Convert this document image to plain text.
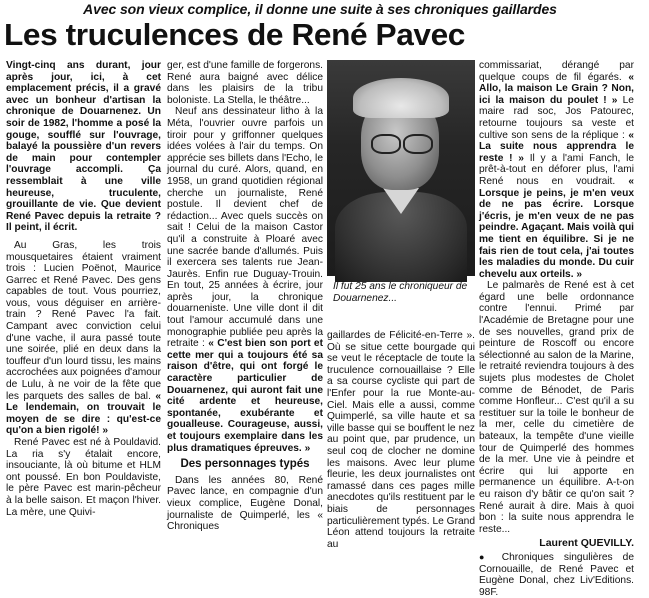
Avec son vieux complice, il donne une suite à ses chroniques gaillardes
Les truculences de René Pavec

Vingt-cinq ans durant, jour après jour, ici, à cet emplacement précis, il a gravé avec un bonheur d'artisan la chronique de Douarnenez. Un soir de 1982, l'homme a posé la gouge, soufflé sur l'ouvrage, balayé la poussière d'un revers de main pour contempler l'ouvrage accompli. Ça ressemblait à une ville heureuse, truculente, grouillante de vie. Que devient René Pavec depuis la retraite ? Il peint, il écrit.

Au Gras, les trois mousquetaires étaient vraiment trois : Lucien Poënot, Maurice Garrec et René Pavec. Des gens capables de tout. Vous pourriez, vous, vous déguiser en arrière-train ? René Pavec l'a fait. Campant avec conviction celui d'une vache, il aura passé toute une soirée, plié en deux dans la touffeur d'un lourd tissu, les mains accrochées aux poignées d'amour de Lulu, à ne voir de la fête que les parquets des salles de bal. « Le lendemain, on trouvait le moyen de se dire : qu'est-ce qu'on a bien rigolé! »

René Pavec est né à Pouldavid. La ria s'y étalait encore, insouciante, là où bitume et HLM ont poussé. En bon Pouldaviste, le père Pavec est marin-pêcheur à la belle saison. Et maçon l'hiver. La mère, une Quivi-

ger, est d'une famille de forgerons. René aura baigné avec délice dans les plaisirs de la tribu boloniste. La Stella, le théâtre...

Neuf ans dessinateur litho à la Méta, l'ouvrier ouvre parfois un tiroir pour y griffonner quelques idées volées à l'air du temps. On apprécie ses billets dans l'Echo, le journal du curé. Alors, quand, en 1958, un grand quotidien régional cherche un journaliste, René postule. Il devient chef de rédaction... Avec quels succès on sait ! Celui de la maison Castor qu'il a construite à Ploaré avec une sacrée bande d'allumés. Puis il exercera ses talents rue Jean-Jaurès. Enfin rue Duguay-Trouin. En tout, 25 années à écrire, jour après jour, la chronique douarneniste. Une ville dont il dit tout l'amour accumulé dans une monographie publiée peu après la retraite : « C'est bien son port et cette mer qui a toujours été sa raison d'être, qui ont forgé le caractère particulier de Douarnenez, qui auront fait une cité ardente et heureuse, spontanée, exubérante et goualleuse. Courageuse, aussi, et toujours exemplaire dans les plus dramatiques épreuves. »

Des personnages typés

Dans les années 80, René Pavec lance, en compagnie d'un vieux complice, Eugène Donal, journaliste de Quimperlé, les « Chroniques

Il fut 25 ans le chroniqueur de Douarnenez...

gaillardes de Félicité-en-Terre ». Où se situe cette bourgade qui se veut le réceptacle de toute la truculence cornouaillaise ? Elle a sa course cycliste qui part de l'Enfer pour la rue Monte-au-Ciel. Mais elle a aussi, comme Quimperlé, sa ville haute et sa ville basse qui se bouffent le nez au point que, par prudence, un seul coq de clocher ne domine les maisons. Avec leur plume fleurie, les deux journalistes ont ramassé dans ces pages mille anecdotes qu'ils restituent par le biais de personnages particulièrement typés. Le Grand Léon attend toujours la retraite au

commissariat, dérangé par quelque coups de fil égarés. « Allo, la maison Le Grain ? Non, ici la maison du poulet ! » Le maire rad soc, Jos Patourec, retourne toujours sa veste et cultive son sens de la réplique : « La suite nous apprendra le reste ! » Il y a l'ami Fanch, le prêt-à-tout en déforer plus, l'ami René nous en voudrait. « Lorsque je peins, je m'en veux de ne pas écrire. Lorsque j'écris, je m'en veux de ne pas peindre. Agaçant. Mais voilà qui me tient en équilibre. Si je ne fais rien de tout cela, j'ai toutes les maladies du monde. Du cuir chevelu aux orteils. »

Le palmarès de René est à cet égard une belle ordonnance contre l'ennui. Primé par l'Académie de Bretagne pour une de ses nouvelles, grand prix de peinture de Roscoff ou encore sélectionné au salon de la Marine, le retraité reviendra toujours à des sujets plus modestes de Cholet comme de Bénodet, de Paris comme Honfleur... C'est qu'il a su restituer sur la toile le bonheur de la mer, celle du cimetière de bateaux, la tempête d'une vieille tour de Quimperlé des hommes de la mer. Une vie à peindre et écrire qui lui apporte en permanence un équilibre. A-t-on eu raison d'y bâtir ce qu'on sait ? René aurait à dire. Mais à quoi bon : la suite nous apprendra le reste...

Laurent QUEVILLY.

● Chroniques singulières de Cornouaille, de René Pavec et Eugène Donal, chez Liv'Editions. 98F.
